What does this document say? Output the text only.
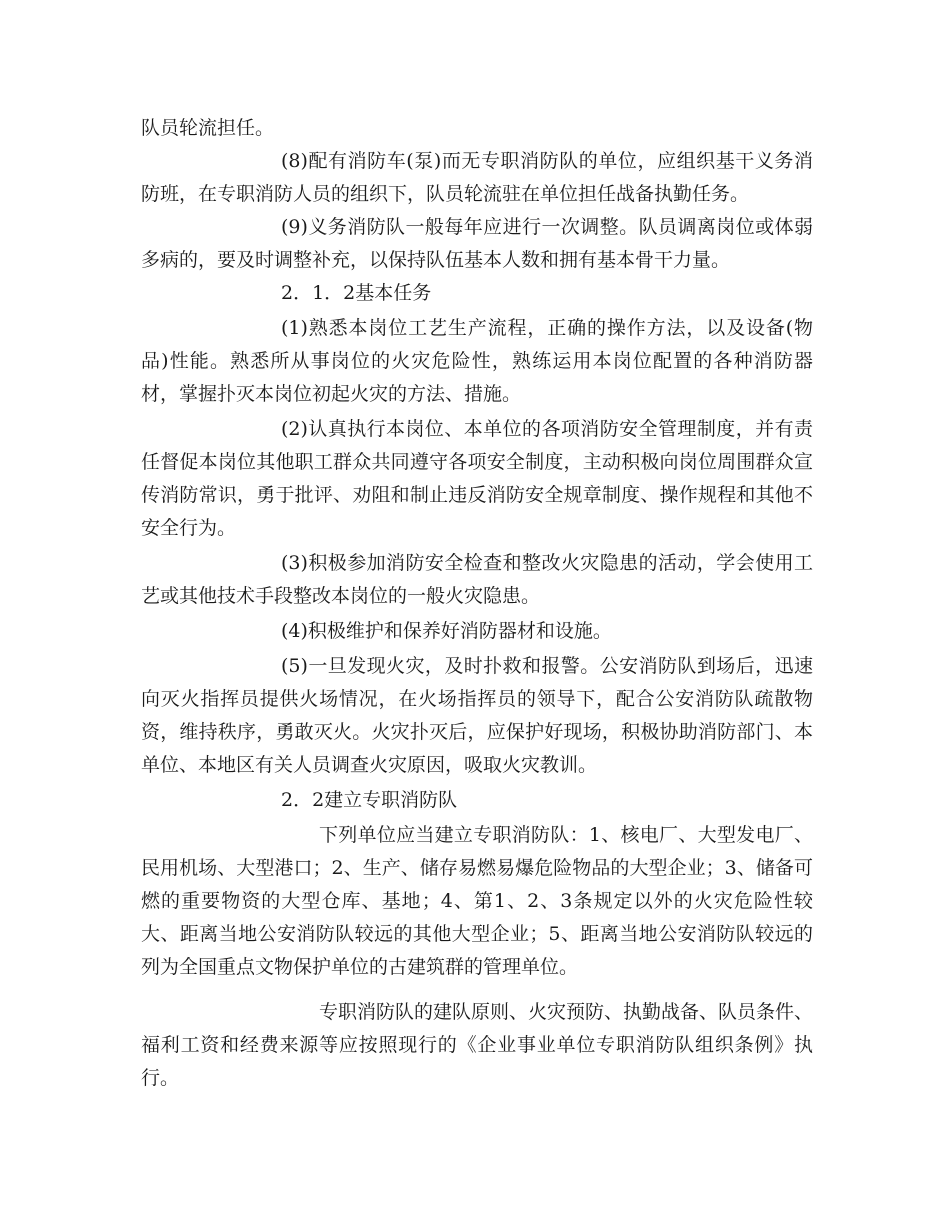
队员轮流担任。

(8)配有消防车(泵)而无专职消防队的单位，应组织基干义务消防班，在专职消防人员的组织下，队员轮流驻在单位担任战备执勤任务。

(9)义务消防队一般每年应进行一次调整。队员调离岗位或体弱多病的，要及时调整补充，以保持队伍基本人数和拥有基本骨干力量。

2．1．2基本任务

(1)熟悉本岗位工艺生产流程，正确的操作方法，以及设备(物品)性能。熟悉所从事岗位的火灾危险性，熟练运用本岗位配置的各种消防器材，掌握扑灭本岗位初起火灾的方法、措施。

(2)认真执行本岗位、本单位的各项消防安全管理制度，并有责任督促本岗位其他职工群众共同遵守各项安全制度，主动积极向岗位周围群众宣传消防常识，勇于批评、劝阻和制止违反消防安全规章制度、操作规程和其他不安全行为。

(3)积极参加消防安全检查和整改火灾隐患的活动，学会使用工艺或其他技术手段整改本岗位的一般火灾隐患。

(4)积极维护和保养好消防器材和设施。

(5)一旦发现火灾，及时扑救和报警。公安消防队到场后，迅速向灭火指挥员提供火场情况，在火场指挥员的领导下，配合公安消防队疏散物资，维持秩序，勇敢灭火。火灾扑灭后，应保护好现场，积极协助消防部门、本单位、本地区有关人员调查火灾原因，吸取火灾教训。

2．2建立专职消防队

下列单位应当建立专职消防队：1、核电厂、大型发电厂、民用机场、大型港口；2、生产、储存易燃易爆危险物品的大型企业；3、储备可燃的重要物资的大型仓库、基地；4、第1、2、3条规定以外的火灾危险性较大、距离当地公安消防队较远的其他大型企业；5、距离当地公安消防队较远的列为全国重点文物保护单位的古建筑群的管理单位。

专职消防队的建队原则、火灾预防、执勤战备、队员条件、福利工资和经费来源等应按照现行的《企业事业单位专职消防队组织条例》执行。
